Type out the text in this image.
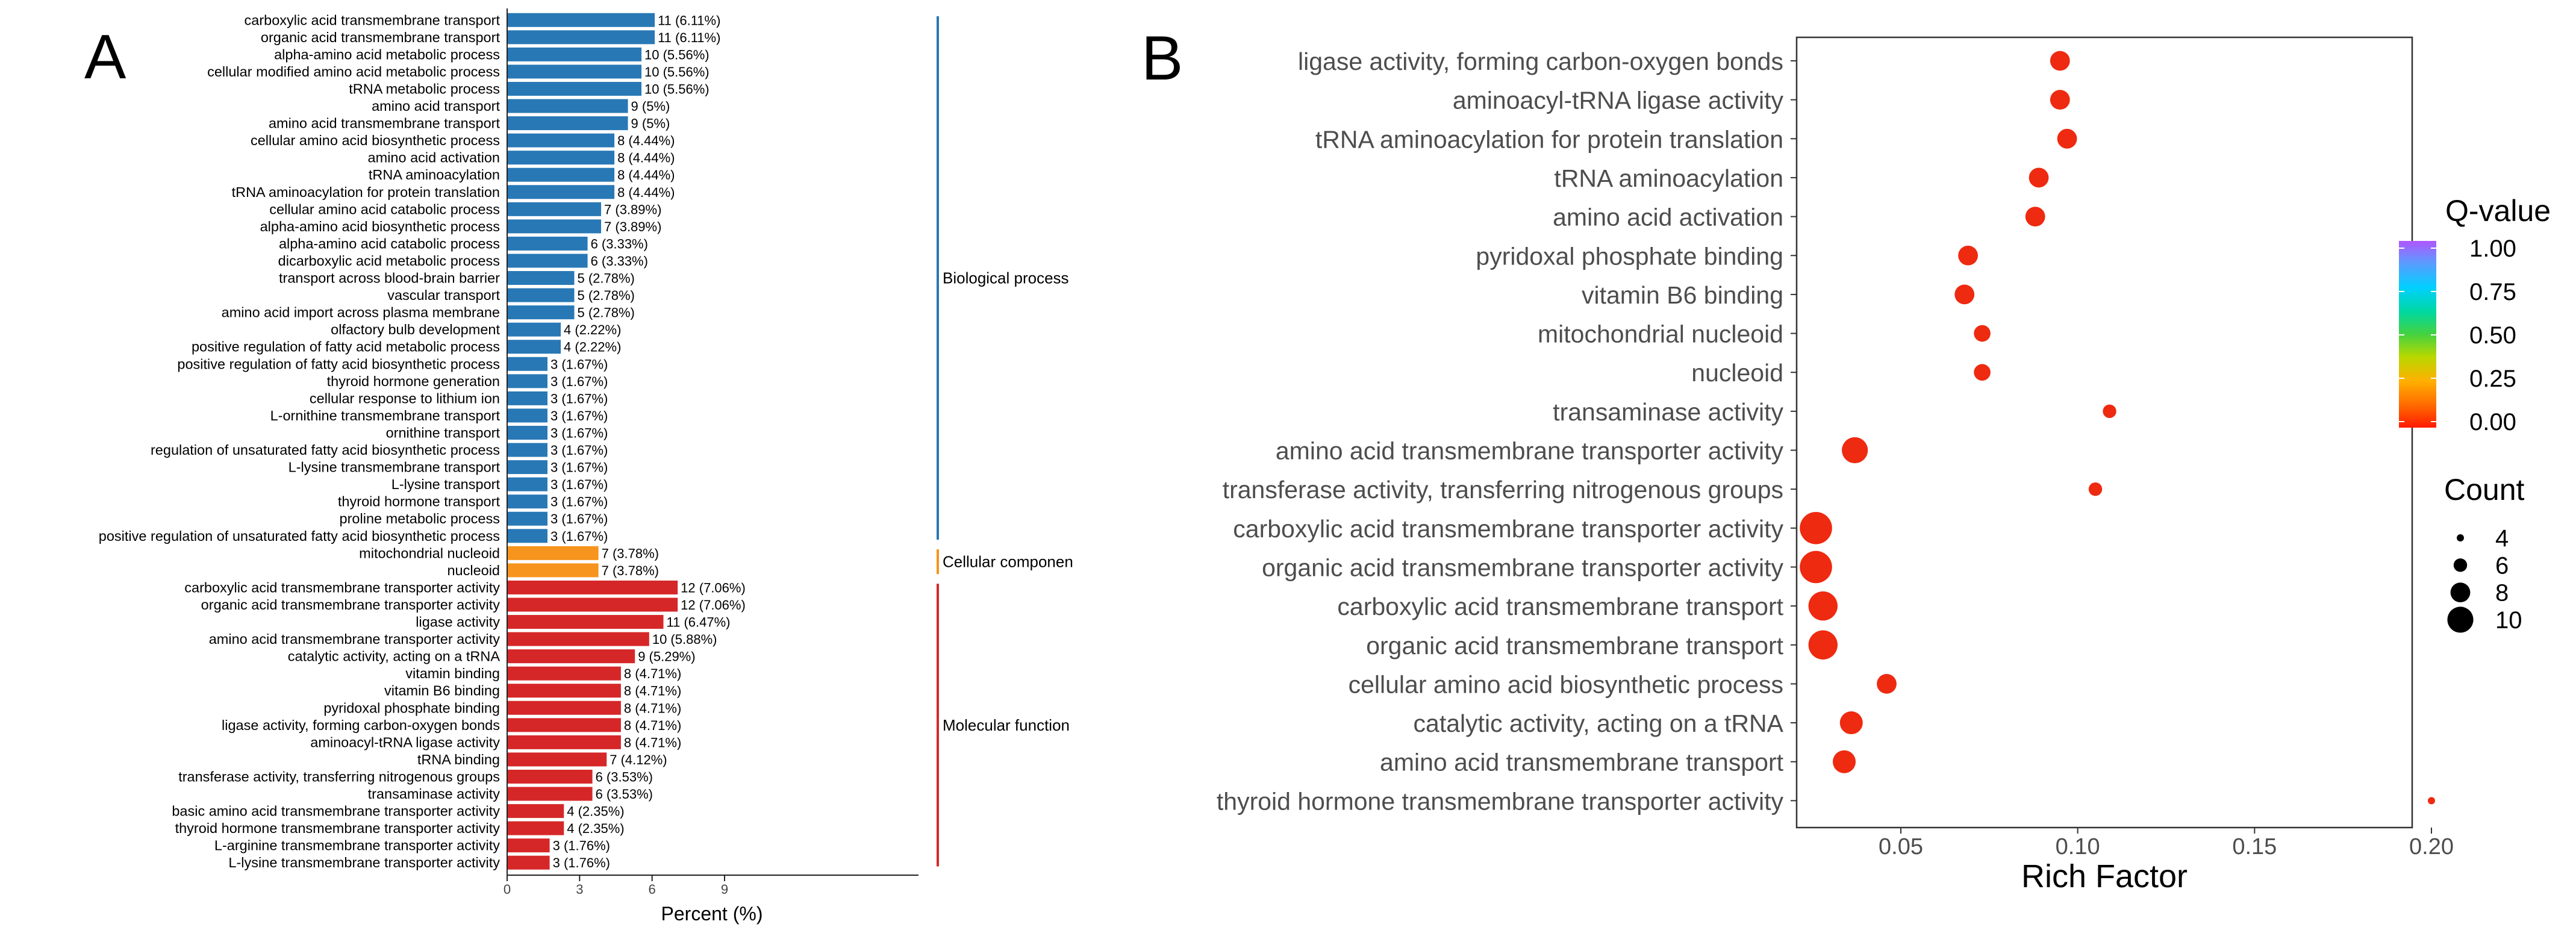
A
carboxylic acid transmembrane transport	11 (6.11%)
organic acid transmembrane transport	11 (6.11%)
alpha-amino acid metabolic process	10 (5.56%)
cellular modified amino acid metabolic process	10 (5.56%)
tRNA metabolic process	10 (5.56%)
amino acid transport	9 (5%)
amino acid transmembrane transport	9 (5%)
cellular amino acid biosynthetic process	8 (4.44%)
amino acid activation	8 (4.44%)
tRNA aminoacylation	8 (4.44%)
tRNA aminoacylation for protein translation	8 (4.44%)
cellular amino acid catabolic process	7 (3.89%)
alpha-amino acid biosynthetic process	7 (3.89%)
alpha-amino acid catabolic process	6 (3.33%)
dicarboxylic acid metabolic process	6 (3.33%)
transport across blood-brain barrier	5 (2.78%)
vascular transport	5 (2.78%)
amino acid import across plasma membrane	5 (2.78%)
olfactory bulb development	4 (2.22%)
positive regulation of fatty acid metabolic process	4 (2.22%)
positive regulation of fatty acid biosynthetic process	3 (1.67%)
thyroid hormone generation	3 (1.67%)
cellular response to lithium ion	3 (1.67%)
L-ornithine transmembrane transport	3 (1.67%)
ornithine transport	3 (1.67%)
regulation of unsaturated fatty acid biosynthetic process	3 (1.67%)
L-lysine transmembrane transport	3 (1.67%)
L-lysine transport	3 (1.67%)
thyroid hormone transport	3 (1.67%)
proline metabolic process	3 (1.67%)
positive regulation of unsaturated fatty acid biosynthetic process	3 (1.67%)
mitochondrial nucleoid	7 (3.78%)
nucleoid	7 (3.78%)
carboxylic acid transmembrane transporter activity	12 (7.06%)
organic acid transmembrane transporter activity	12 (7.06%)
ligase activity	11 (6.47%)
amino acid transmembrane transporter activity	10 (5.88%)
catalytic activity, acting on a tRNA	9 (5.29%)
vitamin binding	8 (4.71%)
vitamin B6 binding	8 (4.71%)
pyridoxal phosphate binding	8 (4.71%)
ligase activity, forming carbon-oxygen bonds	8 (4.71%)
aminoacyl-tRNA ligase activity	8 (4.71%)
tRNA binding	7 (4.12%)
transferase activity, transferring nitrogenous groups	6 (3.53%)
transaminase activity	6 (3.53%)
basic amino acid transmembrane transporter activity	4 (2.35%)
thyroid hormone transmembrane transporter activity	4 (2.35%)
L-arginine transmembrane transporter activity	3 (1.76%)
L-lysine transmembrane transporter activity	3 (1.76%)
Biological process
Cellular componen
Molecular function
0	3	6	9
Percent (%)
B	ligase activity, forming carbon-oxygen bonds
aminoacyl-tRNA ligase activity
tRNA aminoacylation for protein translation
tRNA aminoacylation
amino acid activation
pyridoxal phosphate binding
vitamin B6 binding
mitochondrial nucleoid
nucleoid
transaminase activity
amino acid transmembrane transporter activity
transferase activity, transferring nitrogenous groups
carboxylic acid transmembrane transporter activity
organic acid transmembrane transporter activity
carboxylic acid transmembrane transport
organic acid transmembrane transport
cellular amino acid biosynthetic process
catalytic activity, acting on a tRNA
amino acid transmembrane transport
thyroid hormone transmembrane transporter activity
0.05	0.10	0.15	0.20
Rich Factor
Q-value
1.00
0.75
0.50
0.25
0.00
Count
4
6
8
10
